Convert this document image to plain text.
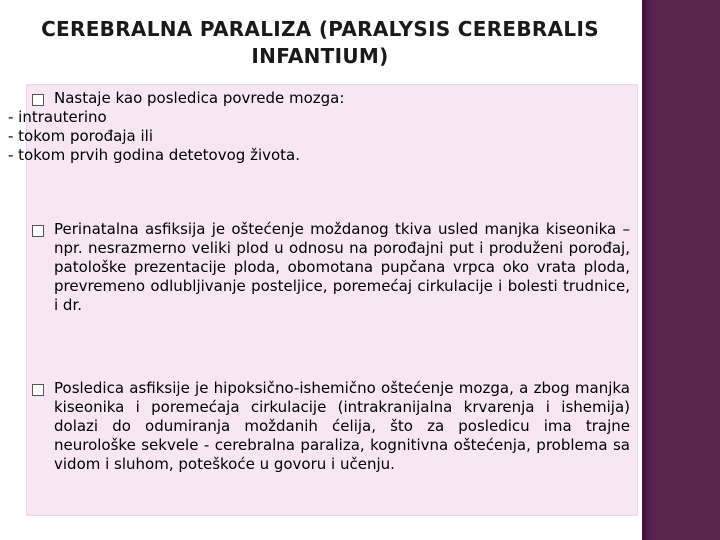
CEREBRALNA PARALIZA (PARALYSIS CEREBRALIS INFANTIUM)
Nastaje kao posledica povrede mozga:
- intrauterino
- tokom porođaja ili
- tokom prvih godina detetovog života.
Perinatalna asfiksija je oštećenje moždanog tkiva usled manjka kiseonika – npr. nesrazmerno veliki plod u odnosu na porođajni put i produženi porođaj, patološke prezentacije ploda, obomotana pupčana vrpca oko vrata ploda, prevremeno odlubljivanje posteljice, poremećaj cirkulacije i bolesti trudnice, i dr.
Posledica asfiksije je hipoksično-ishemično oštećenje mozga, a zbog manjka kiseonika i poremećaja cirkulacije (intrakranijalna krvarenja i ishemija) dolazi do odumiranja moždanih ćelija, što za posledicu ima trajne neurološke sekvele - cerebralna paraliza, kognitivna oštećenja, problema sa vidom i sluhom, poteškoće u govoru i učenju.
